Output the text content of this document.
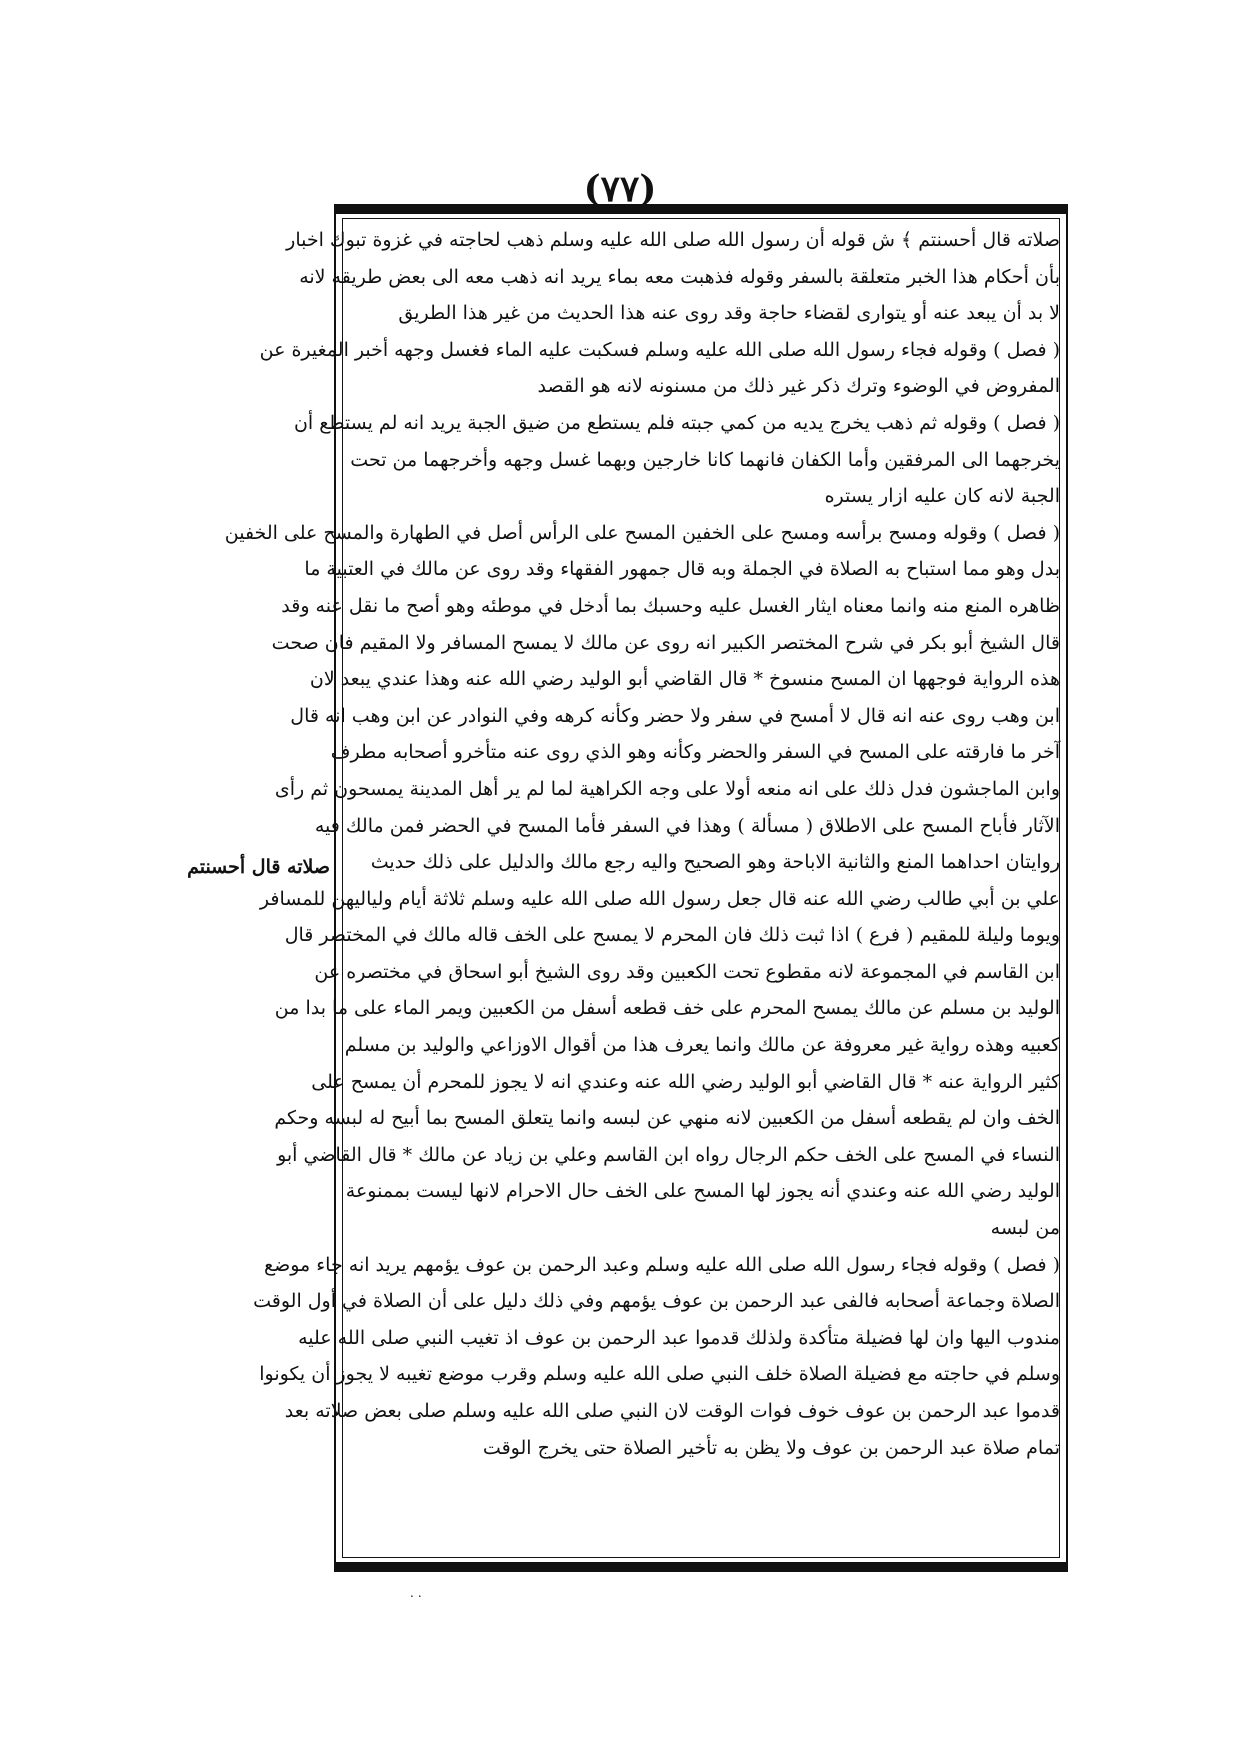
(٧٧)
صلاته قال أحسنتم ﴾ ش قوله أن رسول الله صلى الله عليه وسلم ذهب لحاجته في غزوة تبوك اخبار
بأن أحكام هذا الخبر متعلقة بالسفر وقوله فذهبت معه بماء يريد انه ذهب معه الى بعض طريقه لانه
لا بد أن يبعد عنه أو يتوارى لقضاء حاجة وقد روى عنه هذا الحديث من غير هذا الطريق
( فصل ) وقوله فجاء رسول الله صلى الله عليه وسلم فسكبت عليه الماء فغسل وجهه أخبر المغيرة عن
المفروض في الوضوء وترك ذكر غير ذلك من مسنونه لانه هو القصد
( فصل ) وقوله ثم ذهب يخرج يديه من كمي جبته فلم يستطع من ضيق الجبة يريد انه لم يستطع أن
يخرجهما الى المرفقين وأما الكفان فانهما كانا خارجين وبهما غسل وجهه وأخرجهما من تحت
الجبة لانه كان عليه ازار يستره
( فصل ) وقوله ومسح برأسه ومسح على الخفين المسح على الرأس أصل في الطهارة والمسح على الخفين
بدل وهو مما استباح به الصلاة في الجملة وبه قال جمهور الفقهاء وقد روى عن مالك في العتبية ما
ظاهره المنع منه وانما معناه ايثار الغسل عليه وحسبك بما أدخل في موطئه وهو أصح ما نقل عنه وقد
قال الشيخ أبو بكر في شرح المختصر الكبير انه روى عن مالك لا يمسح المسافر ولا المقيم فان صحت
هذه الرواية فوجهها ان المسح منسوخ * قال القاضي أبو الوليد رضي الله عنه وهذا عندي يبعد لان
ابن وهب روى عنه انه قال لا أمسح في سفر ولا حضر وكأنه كرهه وفي النوادر عن ابن وهب انه قال
آخر ما فارقته على المسح في السفر والحضر وكأنه وهو الذي روى عنه متأخرو أصحابه مطرف
وابن الماجشون فدل ذلك على انه منعه أولا على وجه الكراهية لما لم ير أهل المدينة يمسحون ثم رأى
الآثار فأباح المسح على الاطلاق ( مسألة ) وهذا في السفر فأما المسح في الحضر فمن مالك فيه
روايتان احداهما المنع والثانية الاباحة وهو الصحيح واليه رجع مالك والدليل على ذلك حديث
علي بن أبي طالب رضي الله عنه قال جعل رسول الله صلى الله عليه وسلم ثلاثة أيام ولياليهن للمسافر
ويوما وليلة للمقيم ( فرع ) اذا ثبت ذلك فان المحرم لا يمسح على الخف قاله مالك في المختصر قال
ابن القاسم في المجموعة لانه مقطوع تحت الكعبين وقد روى الشيخ أبو اسحاق في مختصره عن
الوليد بن مسلم عن مالك يمسح المحرم على خف قطعه أسفل من الكعبين ويمر الماء على ما بدا من
كعبيه وهذه رواية غير معروفة عن مالك وانما يعرف هذا من أقوال الاوزاعي والوليد بن مسلم
كثير الرواية عنه * قال القاضي أبو الوليد رضي الله عنه وعندي انه لا يجوز للمحرم أن يمسح على
الخف وان لم يقطعه أسفل من الكعبين لانه منهي عن لبسه وانما يتعلق المسح بما أبيح له لبسه وحكم
النساء في المسح على الخف حكم الرجال رواه ابن القاسم وعلي بن زياد عن مالك * قال القاضي أبو
الوليد رضي الله عنه وعندي أنه يجوز لها المسح على الخف حال الاحرام لانها ليست بممنوعة
من لبسه
( فصل ) وقوله فجاء رسول الله صلى الله عليه وسلم وعبد الرحمن بن عوف يؤمهم يريد انه جاء موضع
الصلاة وجماعة أصحابه فالفى عبد الرحمن بن عوف يؤمهم وفي ذلك دليل على أن الصلاة في أول الوقت
مندوب اليها وان لها فضيلة متأكدة ولذلك قدموا عبد الرحمن بن عوف اذ تغيب النبي صلى الله عليه
وسلم في حاجته مع فضيلة الصلاة خلف النبي صلى الله عليه وسلم وقرب موضع تغيبه لا يجوز أن يكونوا
قدموا عبد الرحمن بن عوف خوف فوات الوقت لان النبي صلى الله عليه وسلم صلى بعض صلاته بعد
تمام صلاة عبد الرحمن بن عوف ولا يظن به تأخير الصلاة حتى يخرج الوقت
صلاته قال أحسنتم
..
